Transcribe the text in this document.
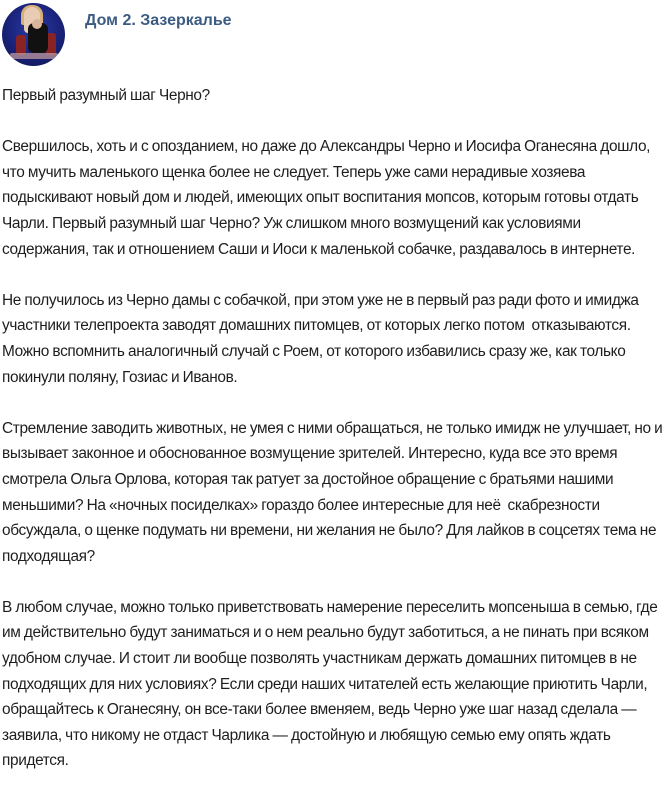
Дом 2. Зазеркалье

Первый разумный шаг Черно?

Свершилось, хоть и с опозданием, но даже до Александры Черно и Иосифа Оганесяна дошло, что мучить маленького щенка более не следует. Теперь уже сами нерадивые хозяева подыскивают новый дом и людей, имеющих опыт воспитания мопсов, которым готовы отдать Чарли. Первый разумный шаг Черно? Уж слишком много возмущений как условиями содержания, так и отношением Саши и Иоси к маленькой собачке, раздавалось в интернете.

Не получилось из Черно дамы с собачкой, при этом уже не в первый раз ради фото и имиджа участники телепроекта заводят домашних питомцев, от которых легко потом  отказываются. Можно вспомнить аналогичный случай с Роем, от которого избавились сразу же, как только покинули поляну, Гозиас и Иванов.

Стремление заводить животных, не умея с ними обращаться, не только имидж не улучшает, но и вызывает законное и обоснованное возмущение зрителей. Интересно, куда все это время смотрела Ольга Орлова, которая так ратует за достойное обращение с братьями нашими меньшими? На «ночных посиделках» гораздо более интересные для неё  скабрезности обсуждала, о щенке подумать ни времени, ни желания не было? Для лайков в соцсетях тема не подходящая?

В любом случае, можно только приветствовать намерение переселить мопсеныша в семью, где им действительно будут заниматься и о нем реально будут заботиться, а не пинать при всяком удобном случае. И стоит ли вообще позволять участникам держать домашних питомцев в не подходящих для них условиях? Если среди наших читателей есть желающие приютить Чарли, обращайтесь к Оганесяну, он все-таки более вменяем, ведь Черно уже шаг назад сделала — заявила, что никому не отдаст Чарлика — достойную и любящую семью ему опять ждать придется.
